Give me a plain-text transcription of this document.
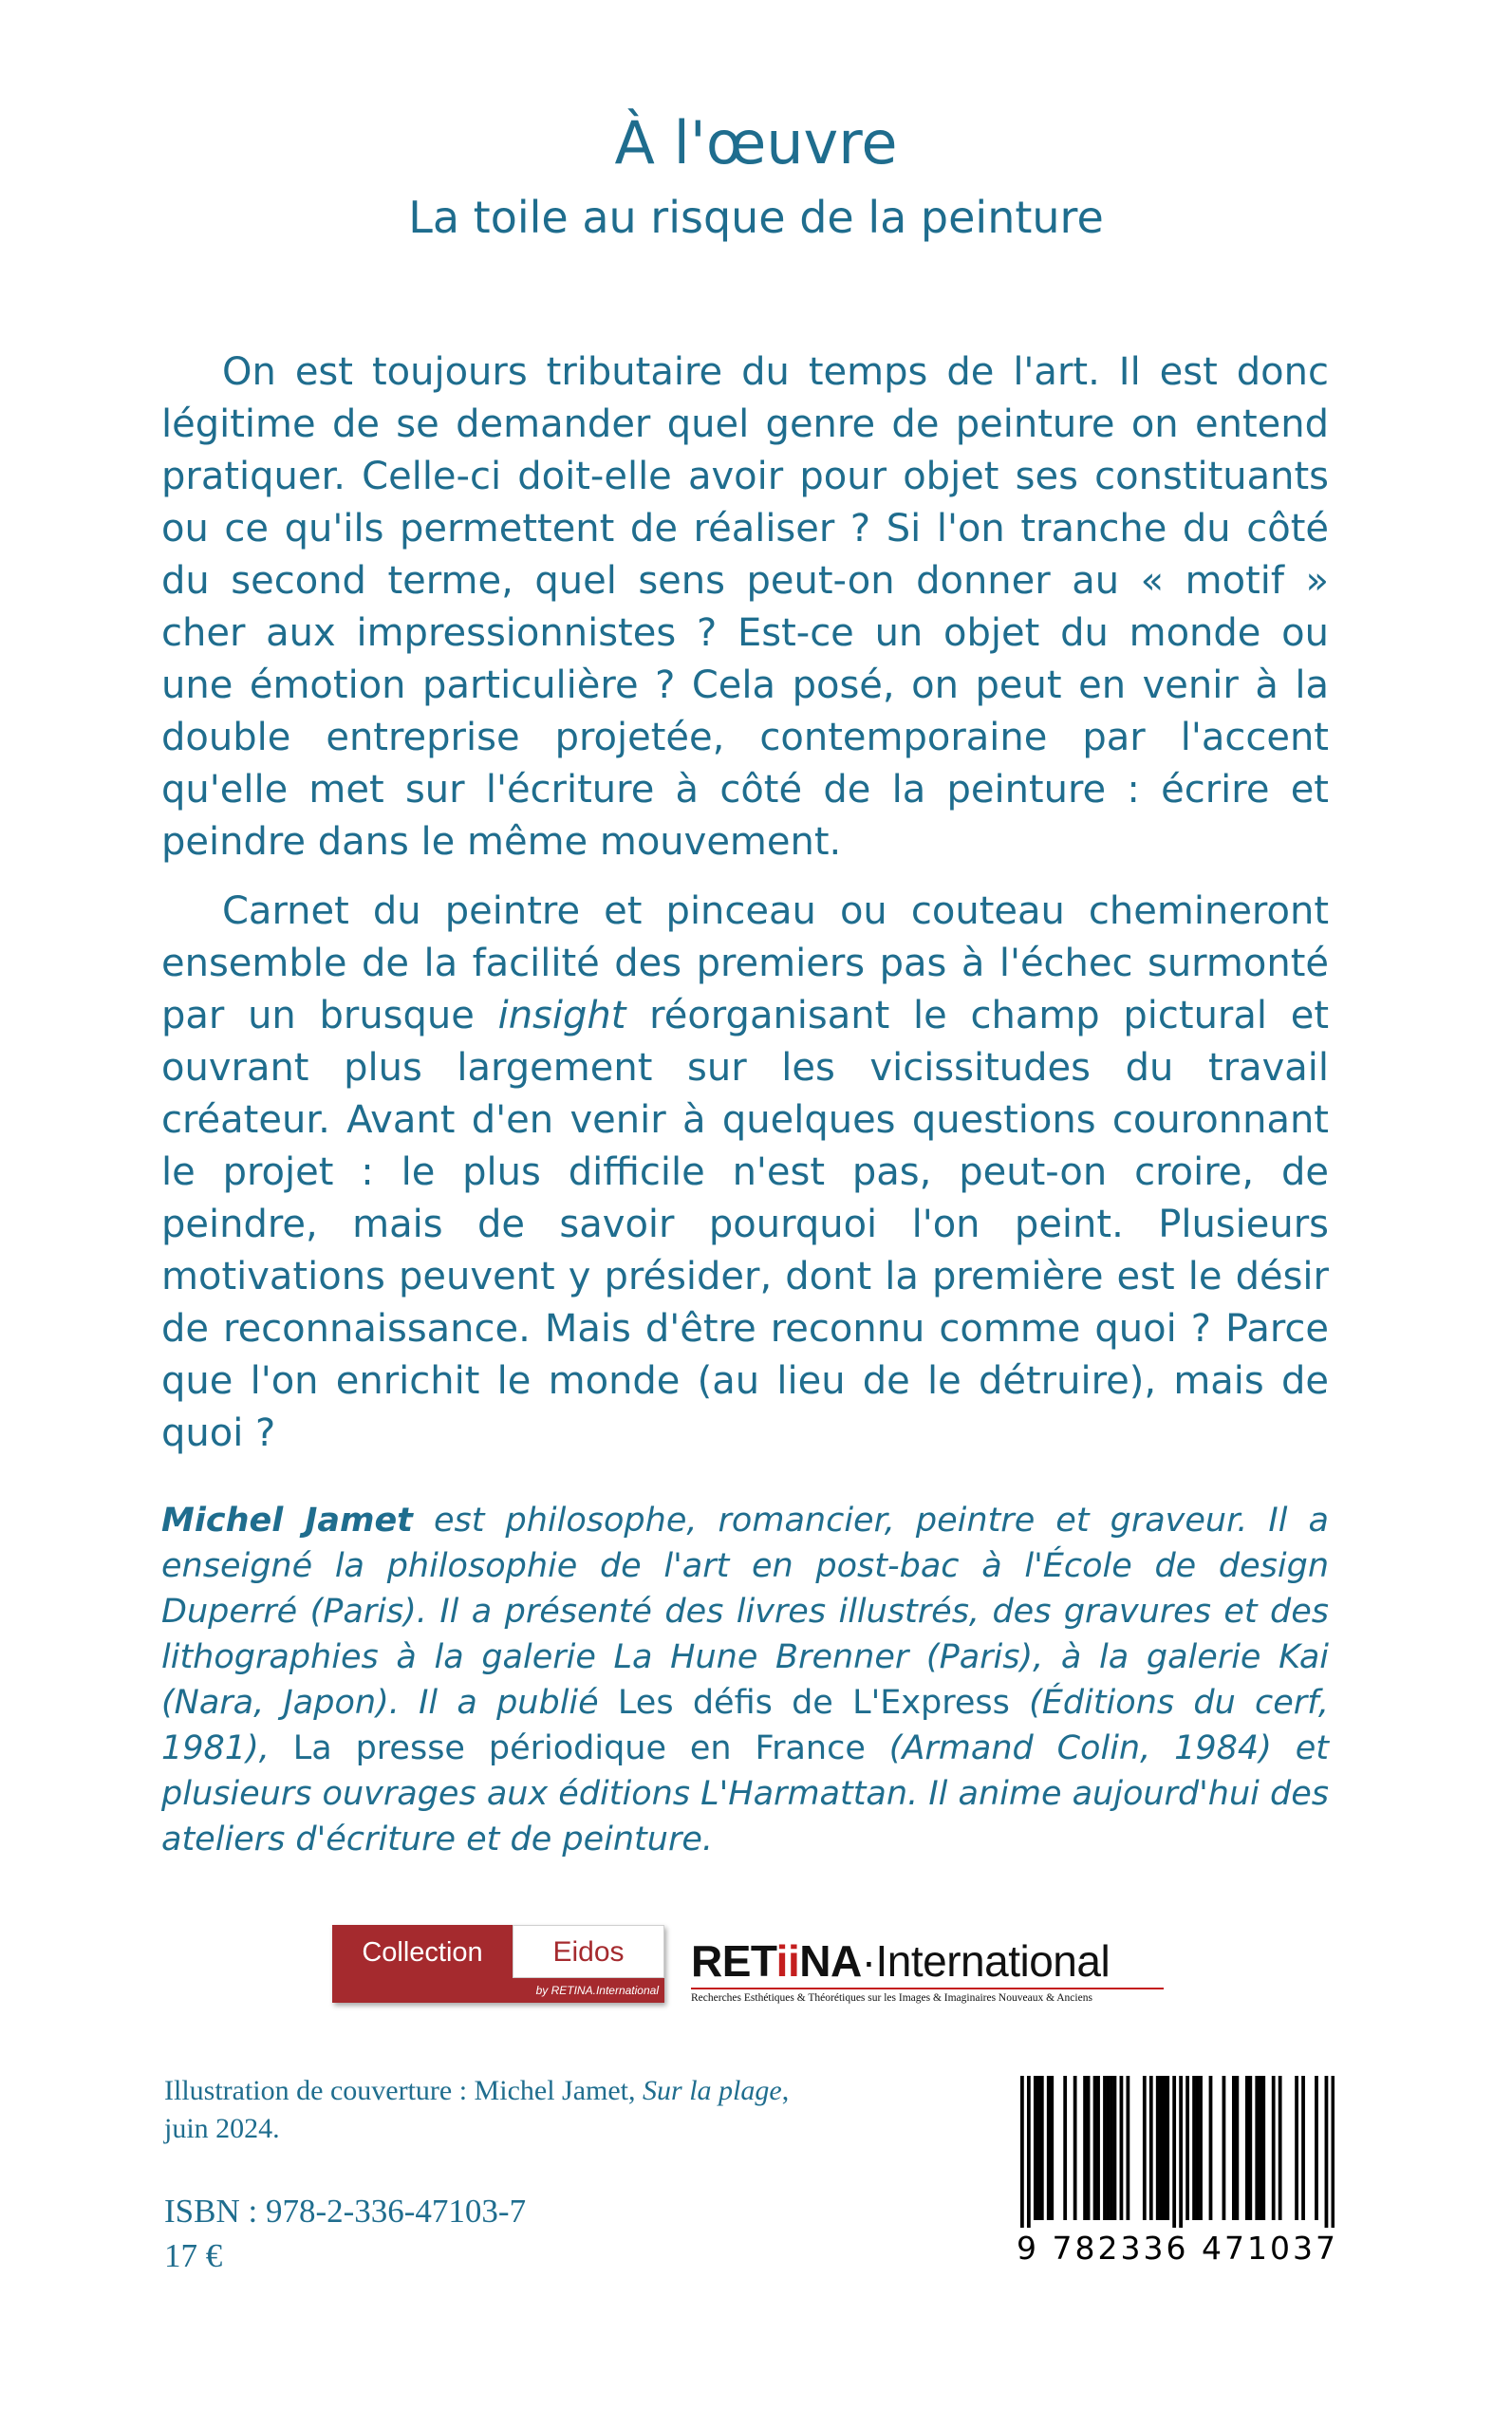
À l'œuvre
La toile au risque de la peinture

On est toujours tributaire du temps de l'art. Il est donc légitime de se demander quel genre de peinture on entend pratiquer. Celle-ci doit-elle avoir pour objet ses constituants ou ce qu'ils permettent de réaliser ? Si l'on tranche du côté du second terme, quel sens peut-on donner au « motif » cher aux impressionnistes ? Est-ce un objet du monde ou une émotion particulière ? Cela posé, on peut en venir à la double entreprise projetée, contemporaine par l'accent qu'elle met sur l'écriture à côté de la peinture : écrire et peindre dans le même mouvement.

Carnet du peintre et pinceau ou couteau chemineront ensemble de la facilité des premiers pas à l'échec surmonté par un brusque insight réorganisant le champ pictural et ouvrant plus largement sur les vicissitudes du travail créateur. Avant d'en venir à quelques questions couronnant le projet : le plus difficile n'est pas, peut-on croire, de peindre, mais de savoir pourquoi l'on peint. Plusieurs motivations peuvent y présider, dont la première est le désir de reconnaissance. Mais d'être reconnu comme quoi ? Parce que l'on enrichit le monde (au lieu de le détruire), mais de quoi ?

Michel Jamet est philosophe, romancier, peintre et graveur. Il a enseigné la philosophie de l'art en post-bac à l'École de design Duperré (Paris). Il a présenté des livres illustrés, des gravures et des lithographies à la galerie La Hune Brenner (Paris), à la galerie Kai (Nara, Japon). Il a publié Les défis de L'Express (Éditions du cerf, 1981), La presse périodique en France (Armand Colin, 1984) et plusieurs ouvrages aux éditions L'Harmattan. Il anime aujourd'hui des ateliers d'écriture et de peinture.
Collection	Eidos
by RETINA.International
RETiiNA·International
Recherches Esthétiques & Théorétiques sur les Images & Imaginaires Nouveaux & Anciens
Illustration de couverture : Michel Jamet, Sur la plage,
juin 2024.
ISBN : 978-2-336-47103-7
17 €	9 782336 471037
